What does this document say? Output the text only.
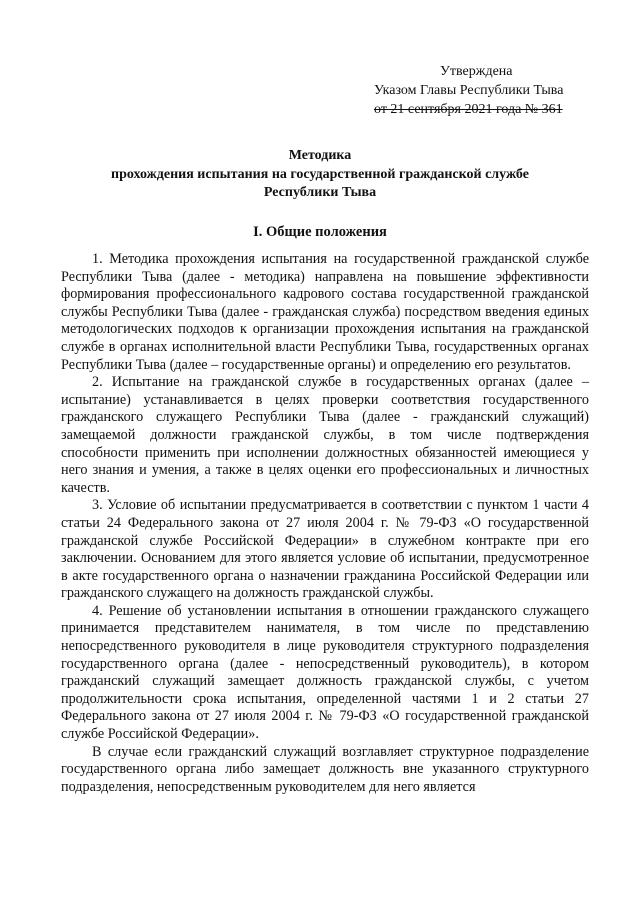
Утверждена
Указом Главы Республики Тыва
от 21 сентября 2021 года № 361
Методика
прохождения испытания на государственной гражданской службе
Республики Тыва
I. Общие положения

1. Методика прохождения испытания на государственной гражданской службе Республики Тыва (далее - методика) направлена на повышение эффективности формирования профессионального кадрового состава государственной гражданской службы Республики Тыва (далее - гражданская служба) посредством введения единых методологических подходов к организации прохождения испытания на гражданской службе в органах исполнительной власти Республики Тыва, государственных органах Республики Тыва (далее – государственные органы) и определению его результатов.

2. Испытание на гражданской службе в государственных органах (далее – испытание) устанавливается в целях проверки соответствия государственного гражданского служащего Республики Тыва (далее - гражданский служащий) замещаемой должности гражданской службы, в том числе подтверждения способности применить при исполнении должностных обязанностей имеющиеся у него знания и умения, а также в целях оценки его профессиональных и личностных качеств.

3. Условие об испытании предусматривается в соответствии с пунктом 1 части 4 статьи 24 Федерального закона от 27 июля 2004 г. № 79-ФЗ «О государственной гражданской службе Российской Федерации» в служебном контракте при его заключении. Основанием для этого является условие об испытании, предусмотренное в акте государственного органа о назначении гражданина Российской Федерации или гражданского служащего на должность гражданской службы.

4. Решение об установлении испытания в отношении гражданского служащего принимается представителем нанимателя, в том числе по представлению непосредственного руководителя в лице руководителя структурного подразделения государственного органа (далее - непосредственный руководитель), в котором гражданский служащий замещает должность гражданской службы, с учетом продолжительности срока испытания, определенной частями 1 и 2 статьи 27 Федерального закона от 27 июля 2004 г. № 79-ФЗ «О государственной гражданской службе Российской Федерации».

В случае если гражданский служащий возглавляет структурное подразделение государственного органа либо замещает должность вне указанного структурного подразделения, непосредственным руководителем для него является
